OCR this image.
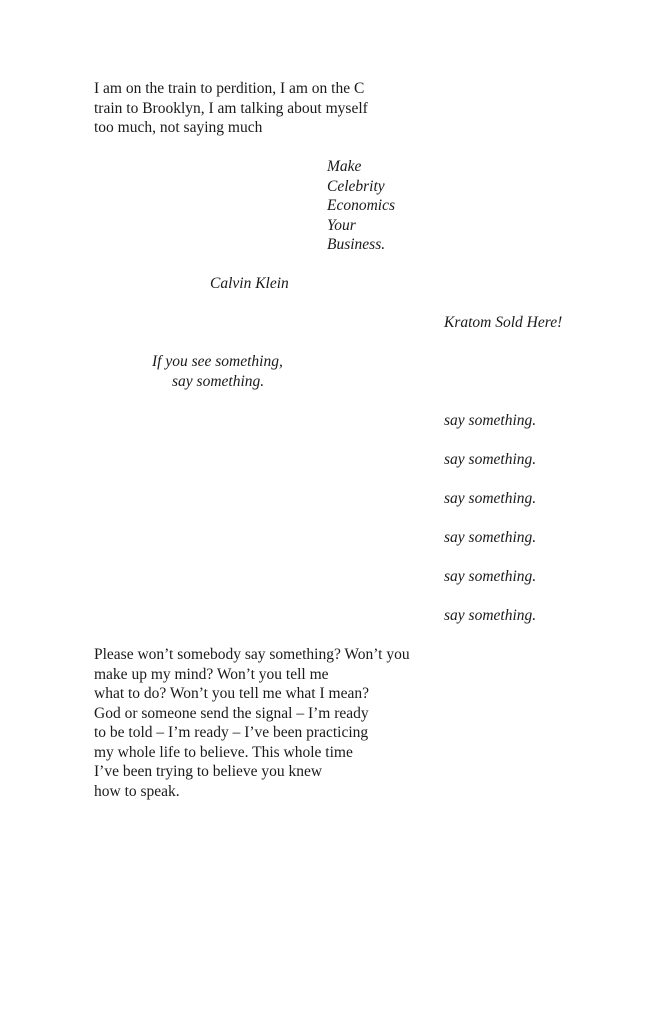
I am on the train to perdition, I am on the C
train to Brooklyn, I am talking about myself
too much, not saying much
Make
Celebrity
Economics
Your
Business.

Calvin Klein

Kratom Sold Here!

If you see something,

say something.

say something.

say something.

say something.

say something.

say something.

say something.

Please won’t somebody say something? Won’t you
make up my mind? Won’t you tell me
what to do? Won’t you tell me what I mean?
God or someone send the signal – I’m ready
to be told – I’m ready – I’ve been practicing
my whole life to believe. This whole time
I’ve been trying to believe you knew
how to speak.
